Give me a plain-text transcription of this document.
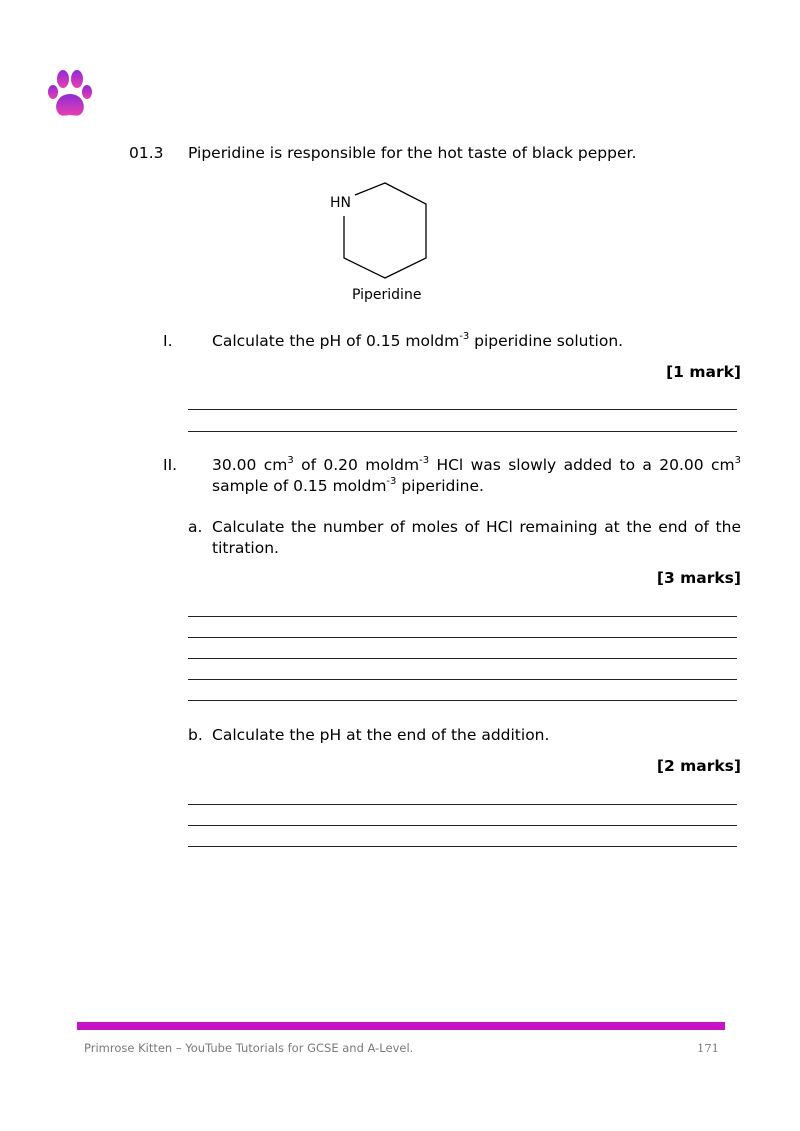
01.3 Piperidine is responsible for the hot taste of black pepper.
HN
Piperidine
I.	Calculate the pH of 0.15 moldm$^{-3}$ piperidine solution.
[1 mark]
II. 30.00 $cm^3$ of 0.20 moldm$^{-3}$ HCl was slowly added to a 20.00 $cm^3$ sample of 0.15 moldm$^{-3}$ piperidine.
a. Calculate the number of moles of HCl remaining at the end of the titration.
[3 marks]
b. Calculate the pH at the end of the addition.
[2 marks]
Primrose Kitten – YouTube Tutorials for GCSE and A-Level.	171
